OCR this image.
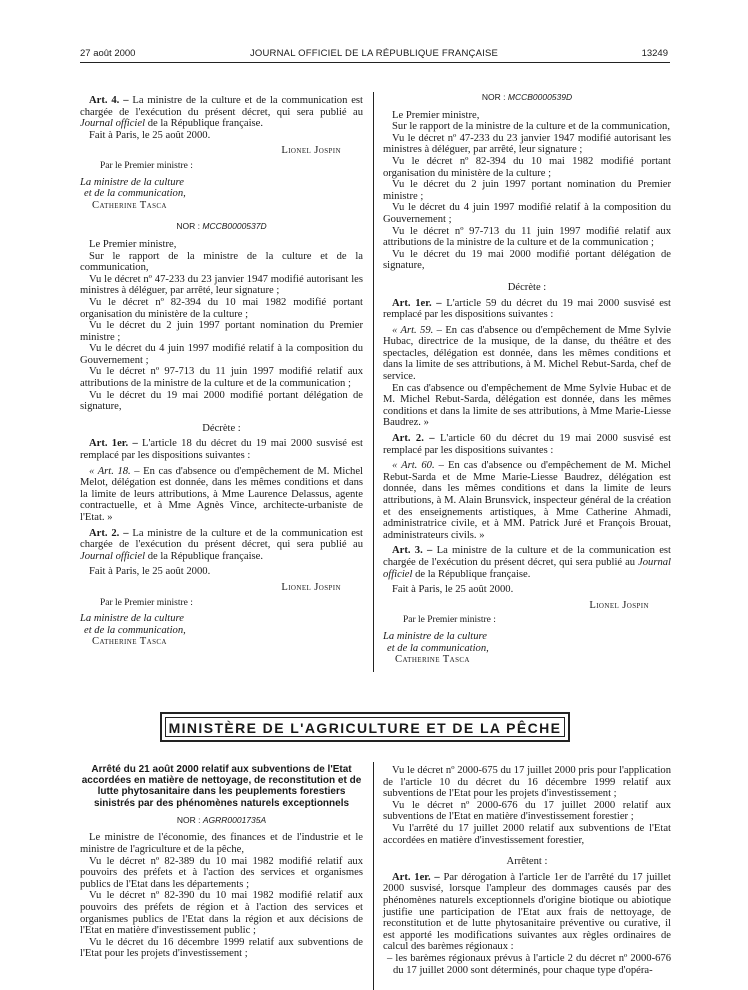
27 août 2000	JOURNAL OFFICIEL DE LA RÉPUBLIQUE FRANÇAISE	13249

Art. 4. – La ministre de la culture et de la communication est chargée de l'exécution du présent décret, qui sera publié au Journal officiel de la République française.

Fait à Paris, le 25 août 2000.

Lionel Jospin

Par le Premier ministre :

La ministre de la culture

et de la communication,

Catherine Tasca

NOR : MCCB0000537D

Le Premier ministre,

Sur le rapport de la ministre de la culture et de la communication,

Vu le décret nº 47-233 du 23 janvier 1947 modifié autorisant les ministres à déléguer, par arrêté, leur signature ;

Vu le décret nº 82-394 du 10 mai 1982 modifié portant organisation du ministère de la culture ;

Vu le décret du 2 juin 1997 portant nomination du Premier ministre ;

Vu le décret du 4 juin 1997 modifié relatif à la composition du Gouvernement ;

Vu le décret nº 97-713 du 11 juin 1997 modifié relatif aux attributions de la ministre de la culture et de la communication ;

Vu le décret du 19 mai 2000 modifié portant délégation de signature,

Décrète :

Art. 1er. – L'article 18 du décret du 19 mai 2000 susvisé est remplacé par les dispositions suivantes :

« Art. 18. – En cas d'absence ou d'empêchement de M. Michel Melot, délégation est donnée, dans les mêmes conditions et dans la limite de leurs attributions, à Mme Laurence Delassus, agente contractuelle, et à Mme Agnès Vince, architecte-urbaniste de l'Etat. »

Art. 2. – La ministre de la culture et de la communication est chargée de l'exécution du présent décret, qui sera publié au Journal officiel de la République française.

Fait à Paris, le 25 août 2000.

Lionel Jospin

Par le Premier ministre :

La ministre de la culture

et de la communication,

Catherine Tasca

NOR : MCCB0000539D

Le Premier ministre,

Sur le rapport de la ministre de la culture et de la communication,

Vu le décret nº 47-233 du 23 janvier 1947 modifié autorisant les ministres à déléguer, par arrêté, leur signature ;

Vu le décret nº 82-394 du 10 mai 1982 modifié portant organisation du ministère de la culture ;

Vu le décret du 2 juin 1997 portant nomination du Premier ministre ;

Vu le décret du 4 juin 1997 modifié relatif à la composition du Gouvernement ;

Vu le décret nº 97-713 du 11 juin 1997 modifié relatif aux attributions de la ministre de la culture et de la communication ;

Vu le décret du 19 mai 2000 modifié portant délégation de signature,

Décrète :

Art. 1er. – L'article 59 du décret du 19 mai 2000 susvisé est remplacé par les dispositions suivantes :

« Art. 59. – En cas d'absence ou d'empêchement de Mme Sylvie Hubac, directrice de la musique, de la danse, du théâtre et des spectacles, délégation est donnée, dans les mêmes conditions et dans la limite de ses attributions, à M. Michel Rebut-Sarda, chef de service.

En cas d'absence ou d'empêchement de Mme Sylvie Hubac et de M. Michel Rebut-Sarda, délégation est donnée, dans les mêmes conditions et dans la limite de ses attributions, à Mme Marie-Liesse Baudrez. »

Art. 2. – L'article 60 du décret du 19 mai 2000 susvisé est remplacé par les dispositions suivantes :

« Art. 60. – En cas d'absence ou d'empêchement de M. Michel Rebut-Sarda et de Mme Marie-Liesse Baudrez, délégation est donnée, dans les mêmes conditions et dans la limite de leurs attributions, à M. Alain Brunsvick, inspecteur général de la création et des enseignements artistiques, à Mme Catherine Ahmadi, administratrice civile, et à MM. Patrick Juré et François Brouat, administrateurs civils. »

Art. 3. – La ministre de la culture et de la communication est chargée de l'exécution du présent décret, qui sera publié au Journal officiel de la République française.

Fait à Paris, le 25 août 2000.

Lionel Jospin

Par le Premier ministre :

La ministre de la culture

et de la communication,

Catherine Tasca

MINISTÈRE DE L'AGRICULTURE ET DE LA PÊCHE

Arrêté du 21 août 2000 relatif aux subventions de l'Etat accordées en matière de nettoyage, de reconstitution et de lutte phytosanitaire dans les peuplements forestiers sinistrés par des phénomènes naturels exceptionnels

NOR : AGRR0001735A

Le ministre de l'économie, des finances et de l'industrie et le ministre de l'agriculture et de la pêche,

Vu le décret nº 82-389 du 10 mai 1982 modifié relatif aux pouvoirs des préfets et à l'action des services et organismes publics de l'Etat dans les départements ;

Vu le décret nº 82-390 du 10 mai 1982 modifié relatif aux pouvoirs des préfets de région et à l'action des services et organismes publics de l'Etat dans la région et aux décisions de l'Etat en matière d'investissement public ;

Vu le décret du 16 décembre 1999 relatif aux subventions de l'Etat pour les projets d'investissement ;

Vu le décret nº 2000-675 du 17 juillet 2000 pris pour l'application de l'article 10 du décret du 16 décembre 1999 relatif aux subventions de l'Etat pour les projets d'investissement ;

Vu le décret nº 2000-676 du 17 juillet 2000 relatif aux subventions de l'Etat en matière d'investissement forestier ;

Vu l'arrêté du 17 juillet 2000 relatif aux subventions de l'Etat accordées en matière d'investissement forestier,

Arrêtent :

Art. 1er. – Par dérogation à l'article 1er de l'arrêté du 17 juillet 2000 susvisé, lorsque l'ampleur des dommages causés par des phénomènes naturels exceptionnels d'origine biotique ou abiotique justifie une participation de l'Etat aux frais de nettoyage, de reconstitution et de lutte phytosanitaire préventive ou curative, il est apporté les modifications suivantes aux règles ordinaires de calcul des barèmes régionaux :

– les barèmes régionaux prévus à l'article 2 du décret nº 2000-676 du 17 juillet 2000 sont déterminés, pour chaque type d'opéra-
